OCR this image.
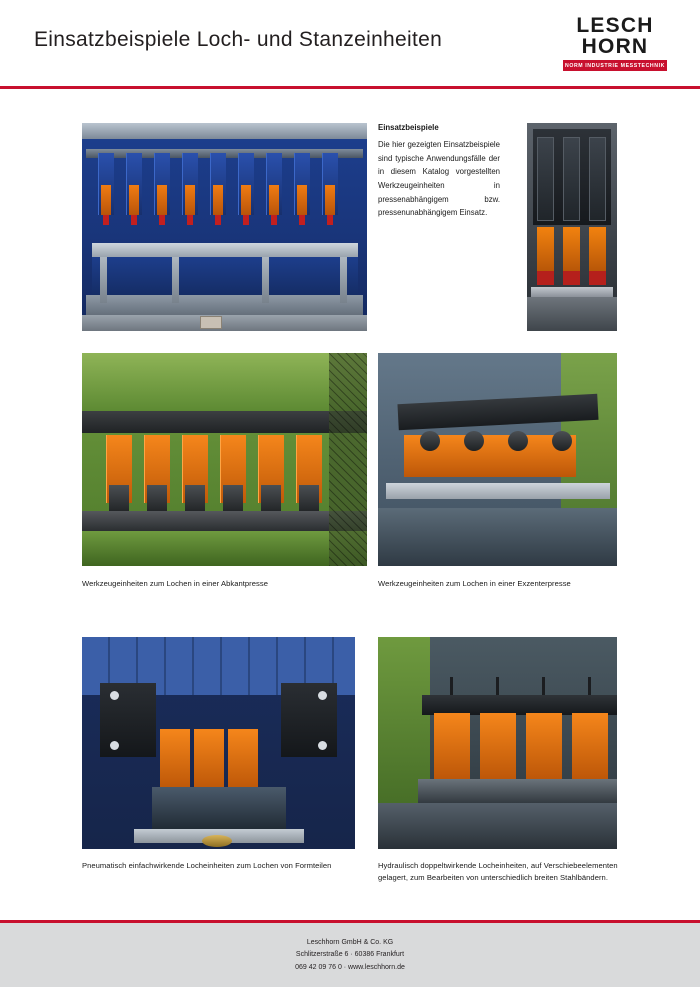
Einsatzbeispiele Loch- und Stanzeinheiten
LESCH
HORN
NORM INDUSTRIE MESSTECHNIK
Einsatzbeispiele

Die hier gezeigten Einsatzbeispiele sind typische Anwendungsfälle der in diesem Katalog vorgestellten Werkzeugeinheiten in pressenabhängigem bzw. pressenunabhängigem Einsatz.

Werkzeugeinheiten zum Lochen in einer Abkantpresse	Werkzeugeinheiten zum Lochen in einer Exzenterpresse
Pneumatisch einfachwirkende Locheinheiten zum Lochen von Formteilen	Hydraulisch doppeltwirkende Locheinheiten, auf Verschiebeelementen gelagert, zum Bearbeiten von unterschiedlich breiten Stahlbändern.
Leschhorn GmbH & Co. KG
Schlitzerstraße 6 · 60386 Frankfurt
069 42 09 76 0 · www.leschhorn.de
